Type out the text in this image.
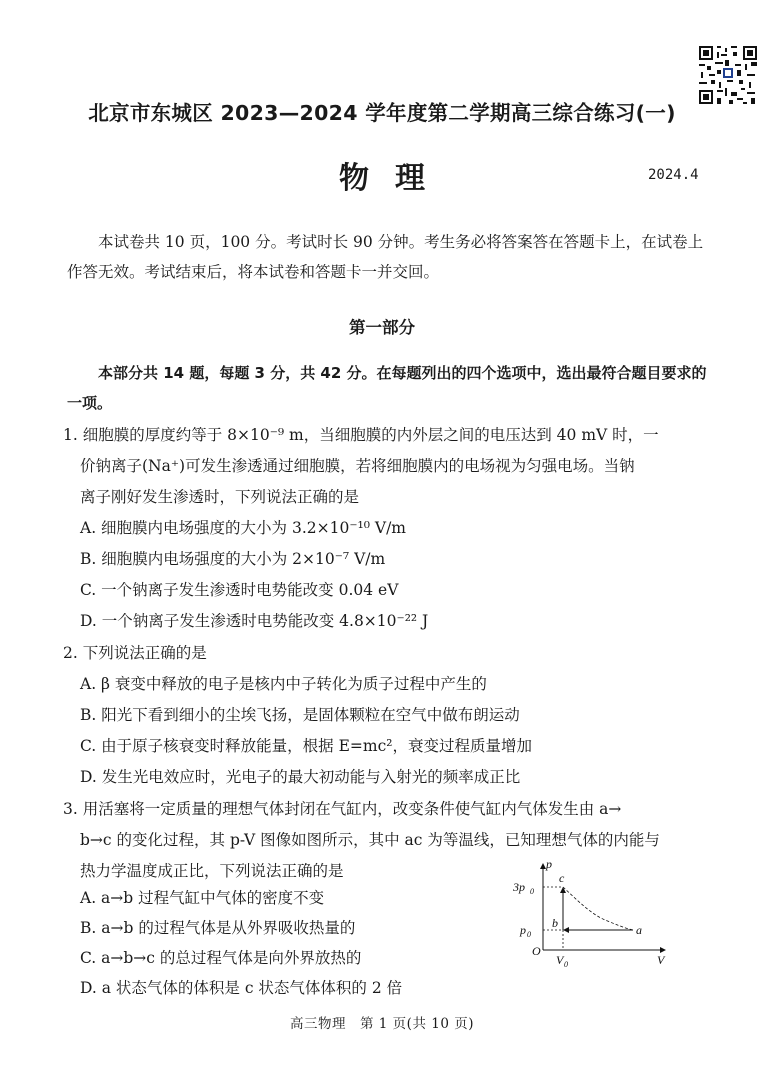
北京市东城区 2023—2024 学年度第二学期高三综合练习(一)
物理	2024.4
本试卷共 10 页，100 分。考试时长 90 分钟。考生务必将答案答在答题卡上，在试卷上作答无效。考试结束后，将本试卷和答题卡一并交回。
第一部分
本部分共 14 题，每题 3 分，共 42 分。在每题列出的四个选项中，选出最符合题目要求的一项。
1. 细胞膜的厚度约等于 8×10⁻⁹ m，当细胞膜的内外层之间的电压达到 40 mV 时，一
价钠离子(Na⁺)可发生渗透通过细胞膜，若将细胞膜内的电场视为匀强电场。当钠
离子刚好发生渗透时，下列说法正确的是
A. 细胞膜内电场强度的大小为 3.2×10⁻¹⁰ V/m
B. 细胞膜内电场强度的大小为 2×10⁻⁷ V/m
C. 一个钠离子发生渗透时电势能改变 0.04 eV
D. 一个钠离子发生渗透时电势能改变 4.8×10⁻²² J
2. 下列说法正确的是
A. β 衰变中释放的电子是核内中子转化为质子过程中产生的
B. 阳光下看到细小的尘埃飞扬，是固体颗粒在空气中做布朗运动
C. 由于原子核衰变时释放能量，根据 E=mc²，衰变过程质量增加
D. 发生光电效应时，光电子的最大初动能与入射光的频率成正比
3. 用活塞将一定质量的理想气体封闭在气缸内，改变条件使气缸内气体发生由 a→
b→c 的变化过程，其 p-V 图像如图所示，其中 ac 为等温线，已知理想气体的内能与
热力学温度成正比，下列说法正确的是
A. a→b 过程气缸中气体的密度不变
B. a→b 的过程气体是从外界吸收热量的
C. a→b→c 的总过程气体是向外界放热的
D. a 状态气体的体积是 c 状态气体体积的 2 倍
p
V
O
3p 0
p 0
V 0
c
b	a
高三物理　第 1 页(共 10 页)
